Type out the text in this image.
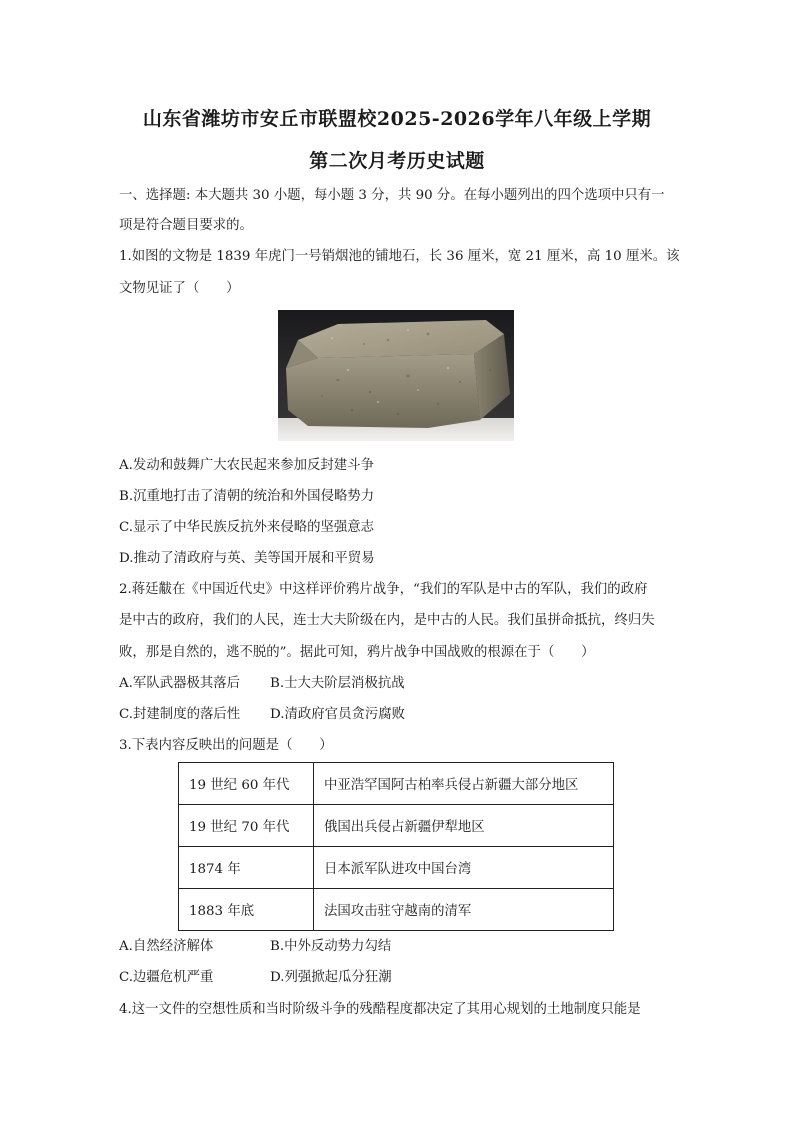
山东省潍坊市安丘市联盟校2025-2026学年八年级上学期
第二次月考历史试题
一、选择题: 本大题共 30 小题，每小题 3 分，共 90 分。在每小题列出的四个选项中只有一
项是符合题目要求的。
1.如图的文物是 1839 年虎门一号销烟池的铺地石，长 36 厘米，宽 21 厘米，高 10 厘米。该
文物见证了（　　）
A.发动和鼓舞广大农民起来参加反封建斗争
B.沉重地打击了清朝的统治和外国侵略势力
C.显示了中华民族反抗外来侵略的坚强意志
D.推动了清政府与英、美等国开展和平贸易
2.蒋廷黻在《中国近代史》中这样评价鸦片战争，“我们的军队是中古的军队，我们的政府
是中古的政府，我们的人民，连士大夫阶级在内，是中古的人民。我们虽拼命抵抗，终归失
败，那是自然的，逃不脱的”。据此可知，鸦片战争中国战败的根源在于（　　）
A.军队武器极其落后	B.士大夫阶层消极抗战
C.封建制度的落后性	D.清政府官员贪污腐败
3.下表内容反映出的问题是（　　）
19 世纪 60 年代	中亚浩罕国阿古柏率兵侵占新疆大部分地区
19 世纪 70 年代	俄国出兵侵占新疆伊犁地区
1874 年	日本派军队进攻中国台湾
1883 年底	法国攻击驻守越南的清军
A.自然经济解体	B.中外反动势力勾结
C.边疆危机严重	D.列强掀起瓜分狂潮
4.这一文件的空想性质和当时阶级斗争的残酷程度都决定了其用心规划的土地制度只能是
